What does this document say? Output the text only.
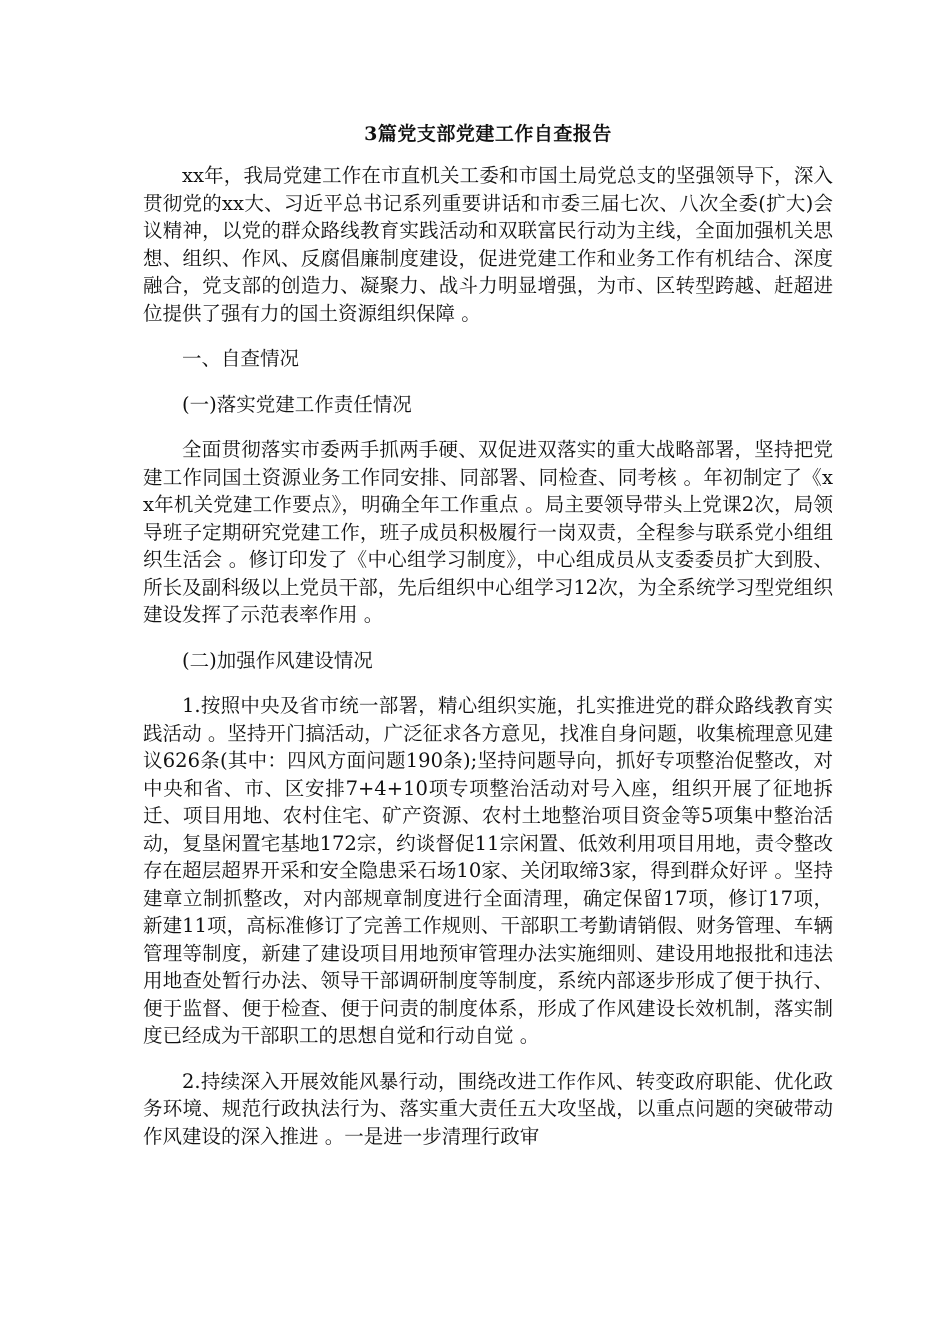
3篇党支部党建工作自查报告

xx年，我局党建工作在市直机关工委和市国土局党总支的坚强领导下，深入贯彻党的xx大、习近平总书记系列重要讲话和市委三届七次、八次全委(扩大)会议精神，以党的群众路线教育实践活动和双联富民行动为主线，全面加强机关思想、组织、作风、反腐倡廉制度建设，促进党建工作和业务工作有机结合、深度融合，党支部的创造力、凝聚力、战斗力明显增强，为市、区转型跨越、赶超进位提供了强有力的国土资源组织保障 。

一、自查情况

(一)落实党建工作责任情况

全面贯彻落实市委两手抓两手硬、双促进双落实的重大战略部署，坚持把党建工作同国土资源业务工作同安排、同部署、同检查、同考核 。年初制定了《xx年机关党建工作要点》，明确全年工作重点 。局主要领导带头上党课2次，局领导班子定期研究党建工作，班子成员积极履行一岗双责，全程参与联系党小组组织生活会 。修订印发了《中心组学习制度》，中心组成员从支委委员扩大到股、所长及副科级以上党员干部，先后组织中心组学习12次，为全系统学习型党组织建设发挥了示范表率作用 。

(二)加强作风建设情况

1.按照中央及省市统一部署，精心组织实施，扎实推进党的群众路线教育实践活动 。坚持开门搞活动，广泛征求各方意见，找准自身问题，收集梳理意见建议626条(其中：四风方面问题190条);坚持问题导向，抓好专项整治促整改，对中央和省、市、区安排7+4+10项专项整治活动对号入座，组织开展了征地拆迁、项目用地、农村住宅、矿产资源、农村土地整治项目资金等5项集中整治活动，复垦闲置宅基地172宗，约谈督促11宗闲置、低效利用项目用地，责令整改存在超层超界开采和安全隐患采石场10家、关闭取缔3家，得到群众好评 。坚持建章立制抓整改，对内部规章制度进行全面清理，确定保留17项，修订17项，新建11项，高标准修订了完善工作规则、干部职工考勤请销假、财务管理、车辆管理等制度，新建了建设项目用地预审管理办法实施细则、建设用地报批和违法用地查处暂行办法、领导干部调研制度等制度，系统内部逐步形成了便于执行、便于监督、便于检查、便于问责的制度体系，形成了作风建设长效机制，落实制度已经成为干部职工的思想自觉和行动自觉 。

2.持续深入开展效能风暴行动，围绕改进工作作风、转变政府职能、优化政务环境、规范行政执法行为、落实重大责任五大攻坚战，以重点问题的突破带动作风建设的深入推进 。一是进一步清理行政审
